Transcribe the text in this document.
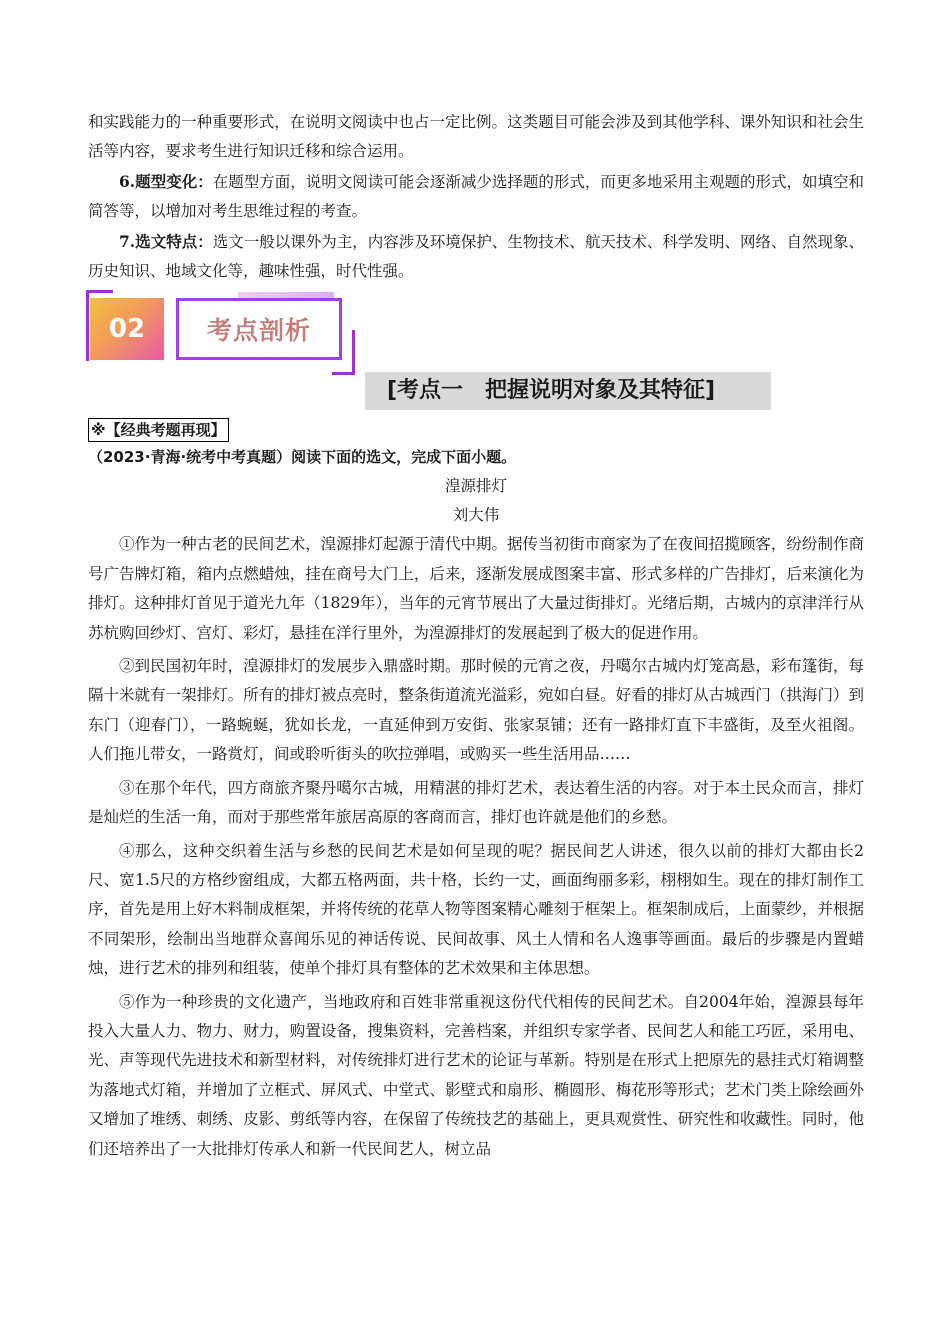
和实践能力的一种重要形式，在说明文阅读中也占一定比例。这类题目可能会涉及到其他学科、课外知识和社会生活等内容，要求考生进行知识迁移和综合运用。

6.题型变化：在题型方面，说明文阅读可能会逐渐减少选择题的形式，而更多地采用主观题的形式，如填空和简答等，以增加对考生思维过程的考查。

7.选文特点：选文一般以课外为主，内容涉及环境保护、生物技术、航天技术、科学发明、网络、自然现象、历史知识、地域文化等，趣味性强，时代性强。

02	考点剖析
[考点一　把握说明对象及其特征]
※【经典考题再现】

（2023·青海·统考中考真题）阅读下面的选文，完成下面小题。

湟源排灯

刘大伟

①作为一种古老的民间艺术，湟源排灯起源于清代中期。据传当初街市商家为了在夜间招揽顾客，纷纷制作商号广告牌灯箱，箱内点燃蜡烛，挂在商号大门上，后来，逐渐发展成图案丰富、形式多样的广告排灯，后来演化为排灯。这种排灯首见于道光九年（1829年），当年的元宵节展出了大量过街排灯。光绪后期，古城内的京津洋行从苏杭购回纱灯、宫灯、彩灯，悬挂在洋行里外，为湟源排灯的发展起到了极大的促进作用。

②到民国初年时，湟源排灯的发展步入鼎盛时期。那时候的元宵之夜，丹噶尔古城内灯笼高悬，彩布篷街，每隔十米就有一架排灯。所有的排灯被点亮时，整条街道流光溢彩，宛如白昼。好看的排灯从古城西门（拱海门）到东门（迎春门），一路蜿蜒，犹如长龙，一直延伸到万安街、张家泵铺；还有一路排灯直下丰盛街，及至火祖阁。人们拖儿带女，一路赏灯，间或聆听街头的吹拉弹唱，或购买一些生活用品……

③在那个年代，四方商旅齐聚丹噶尔古城，用精湛的排灯艺术，表达着生活的内容。对于本土民众而言，排灯是灿烂的生活一角，而对于那些常年旅居高原的客商而言，排灯也许就是他们的乡愁。

④那么，这种交织着生活与乡愁的民间艺术是如何呈现的呢？据民间艺人讲述，很久以前的排灯大都由长2尺、宽1.5尺的方格纱窗组成，大都五格两面，共十格，长约一丈，画面绚丽多彩，栩栩如生。现在的排灯制作工序，首先是用上好木料制成框架，并将传统的花草人物等图案精心雕刻于框架上。框架制成后，上面蒙纱，并根据不同架形，绘制出当地群众喜闻乐见的神话传说、民间故事、风土人情和名人逸事等画面。最后的步骤是内置蜡烛，进行艺术的排列和组装，使单个排灯具有整体的艺术效果和主体思想。

⑤作为一种珍贵的文化遗产，当地政府和百姓非常重视这份代代相传的民间艺术。自2004年始，湟源县每年投入大量人力、物力、财力，购置设备，搜集资料，完善档案，并组织专家学者、民间艺人和能工巧匠，采用电、光、声等现代先进技术和新型材料，对传统排灯进行艺术的论证与革新。特别是在形式上把原先的悬挂式灯箱调整为落地式灯箱，并增加了立框式、屏风式、中堂式、影壁式和扇形、椭圆形、梅花形等形式；艺术门类上除绘画外又增加了堆绣、刺绣、皮影、剪纸等内容，在保留了传统技艺的基础上，更具观赏性、研究性和收藏性。同时，他们还培养出了一大批排灯传承人和新一代民间艺人，树立品
